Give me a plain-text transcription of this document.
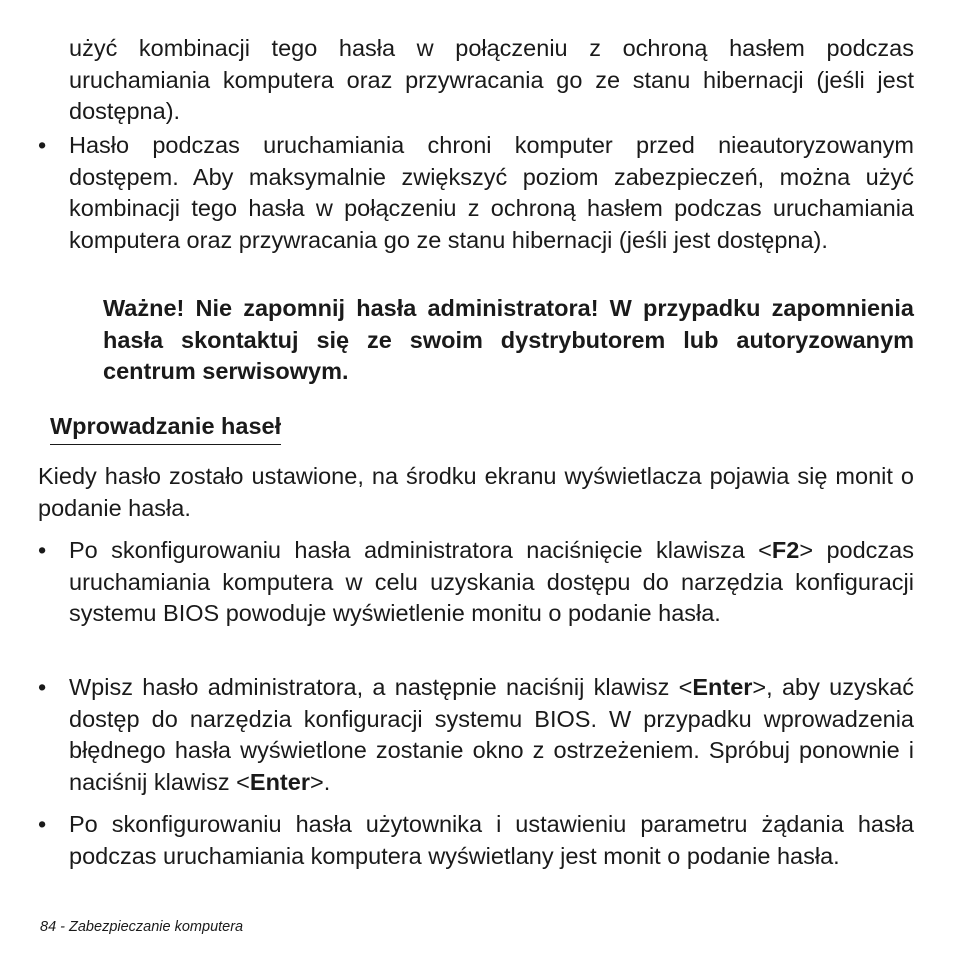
użyć kombinacji tego hasła w połączeniu z ochroną hasłem podczas uruchamiania komputera oraz przywracania go ze stanu hibernacji (jeśli jest dostępna).

• Hasło podczas uruchamiania chroni komputer przed nieautoryzowanym dostępem. Aby maksymalnie zwiększyć poziom zabezpieczeń, można użyć kombinacji tego hasła w połączeniu z ochroną hasłem podczas uruchamiania komputera oraz przywracania go ze stanu hibernacji (jeśli jest dostępna).

Ważne! Nie zapomnij hasła administratora! W przypadku zapomnienia hasła skontaktuj się ze swoim dystrybutorem lub autoryzowanym centrum serwisowym.

Wprowadzanie haseł

Kiedy hasło zostało ustawione, na środku ekranu wyświetlacza pojawia się monit o podanie hasła.

• Po skonfigurowaniu hasła administratora naciśnięcie klawisza <F2> podczas uruchamiania komputera w celu uzyskania dostępu do narzędzia konfiguracji systemu BIOS powoduje wyświetlenie monitu o podanie hasła.

• Wpisz hasło administratora, a następnie naciśnij klawisz <Enter>, aby uzyskać dostęp do narzędzia konfiguracji systemu BIOS. W przypadku wprowadzenia błędnego hasła wyświetlone zostanie okno z ostrzeżeniem. Spróbuj ponownie i naciśnij klawisz <Enter>.

• Po skonfigurowaniu hasła użytownika i ustawieniu parametru żądania hasła podczas uruchamiania komputera wyświetlany jest monit o podanie hasła.

84 - Zabezpieczanie komputera
